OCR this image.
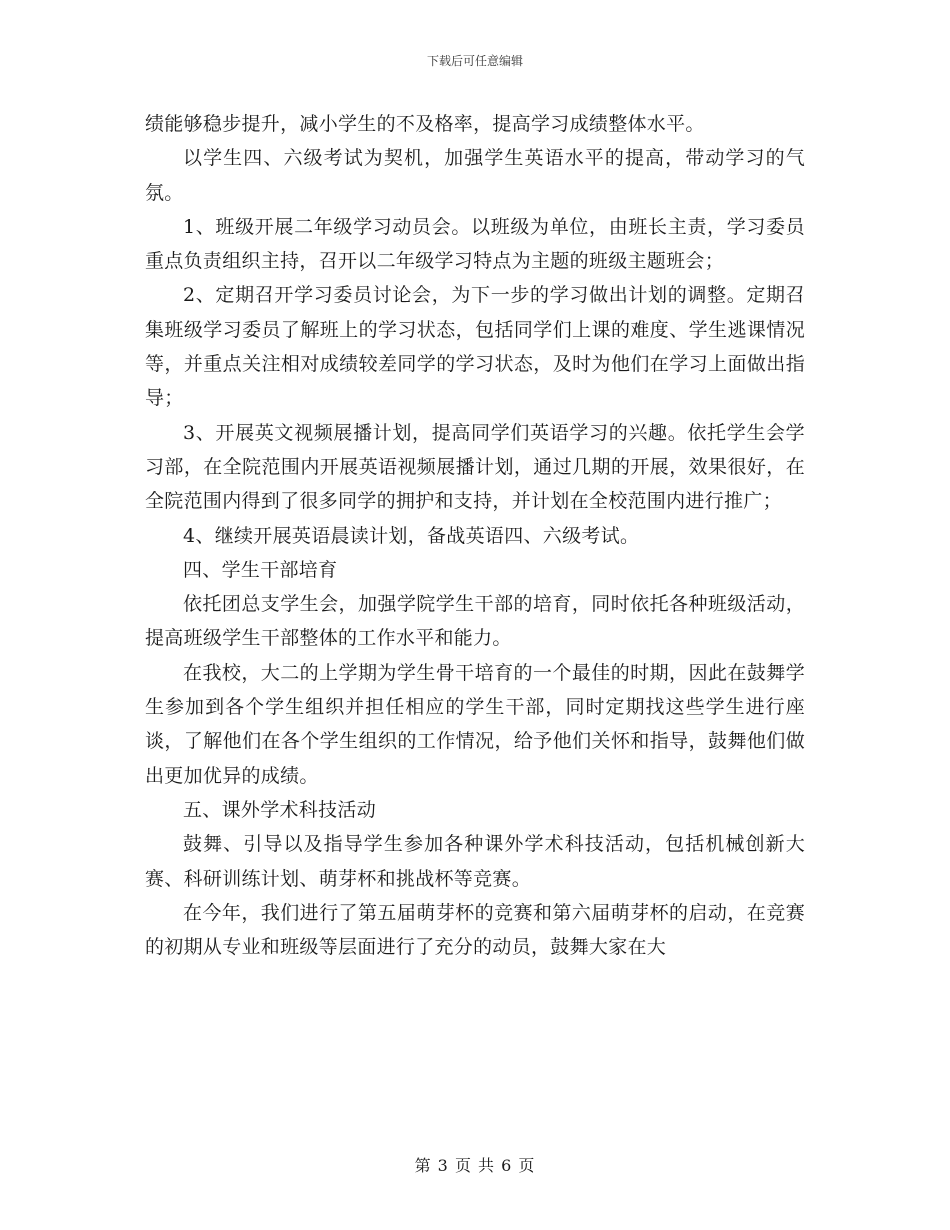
下载后可任意编辑

绩能够稳步提升，减小学生的不及格率，提高学习成绩整体水平。

以学生四、六级考试为契机，加强学生英语水平的提高，带动学习的气氛。

1、班级开展二年级学习动员会。以班级为单位，由班长主责，学习委员重点负责组织主持，召开以二年级学习特点为主题的班级主题班会；

2、定期召开学习委员讨论会，为下一步的学习做出计划的调整。定期召集班级学习委员了解班上的学习状态，包括同学们上课的难度、学生逃课情况等，并重点关注相对成绩较差同学的学习状态，及时为他们在学习上面做出指导；

3、开展英文视频展播计划，提高同学们英语学习的兴趣。依托学生会学习部，在全院范围内开展英语视频展播计划，通过几期的开展，效果很好，在全院范围内得到了很多同学的拥护和支持，并计划在全校范围内进行推广；

4、继续开展英语晨读计划，备战英语四、六级考试。

四、学生干部培育

依托团总支学生会，加强学院学生干部的培育，同时依托各种班级活动，提高班级学生干部整体的工作水平和能力。

在我校，大二的上学期为学生骨干培育的一个最佳的时期，因此在鼓舞学生参加到各个学生组织并担任相应的学生干部，同时定期找这些学生进行座谈，了解他们在各个学生组织的工作情况，给予他们关怀和指导，鼓舞他们做出更加优异的成绩。

五、课外学术科技活动

鼓舞、引导以及指导学生参加各种课外学术科技活动，包括机械创新大赛、科研训练计划、萌芽杯和挑战杯等竞赛。

在今年，我们进行了第五届萌芽杯的竞赛和第六届萌芽杯的启动，在竞赛的初期从专业和班级等层面进行了充分的动员，鼓舞大家在大

第 3 页 共 6 页
